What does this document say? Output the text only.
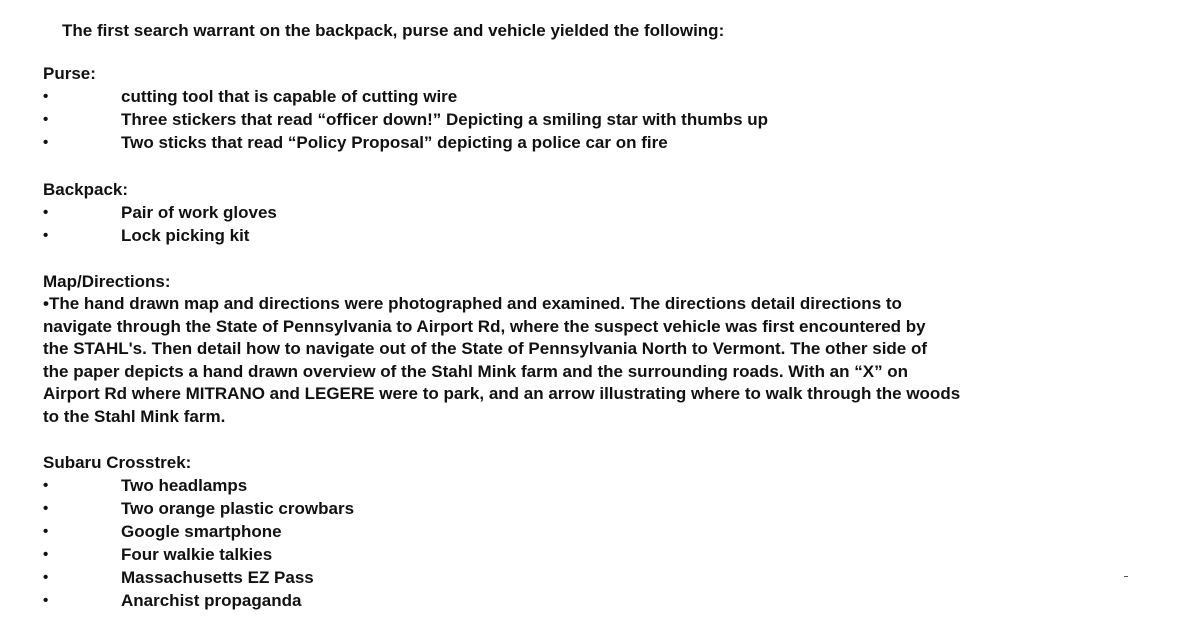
The first search warrant on the backpack, purse and vehicle yielded the following:
Purse:
•	cutting tool that is capable of cutting wire
•	Three stickers that read “officer down!” Depicting a smiling star with thumbs up
•	Two sticks that read “Policy Proposal” depicting a police car on fire
Backpack:
•	Pair of work gloves
•	Lock picking kit
Map/Directions:

•The hand drawn map and directions were photographed and examined. The directions detail directions to
navigate through the State of Pennsylvania to Airport Rd, where the suspect vehicle was first encountered by
the STAHL's. Then detail how to navigate out of the State of Pennsylvania North to Vermont. The other side of
the paper depicts a hand drawn overview of the Stahl Mink farm and the surrounding roads. With an “X” on
Airport Rd where MITRANO and LEGERE were to park, and an arrow illustrating where to walk through the woods
to the Stahl Mink farm.

Subaru Crosstrek:
•	Two headlamps
•	Two orange plastic crowbars
•	Google smartphone
•	Four walkie talkies
•	Massachusetts EZ Pass
•	Anarchist propaganda
